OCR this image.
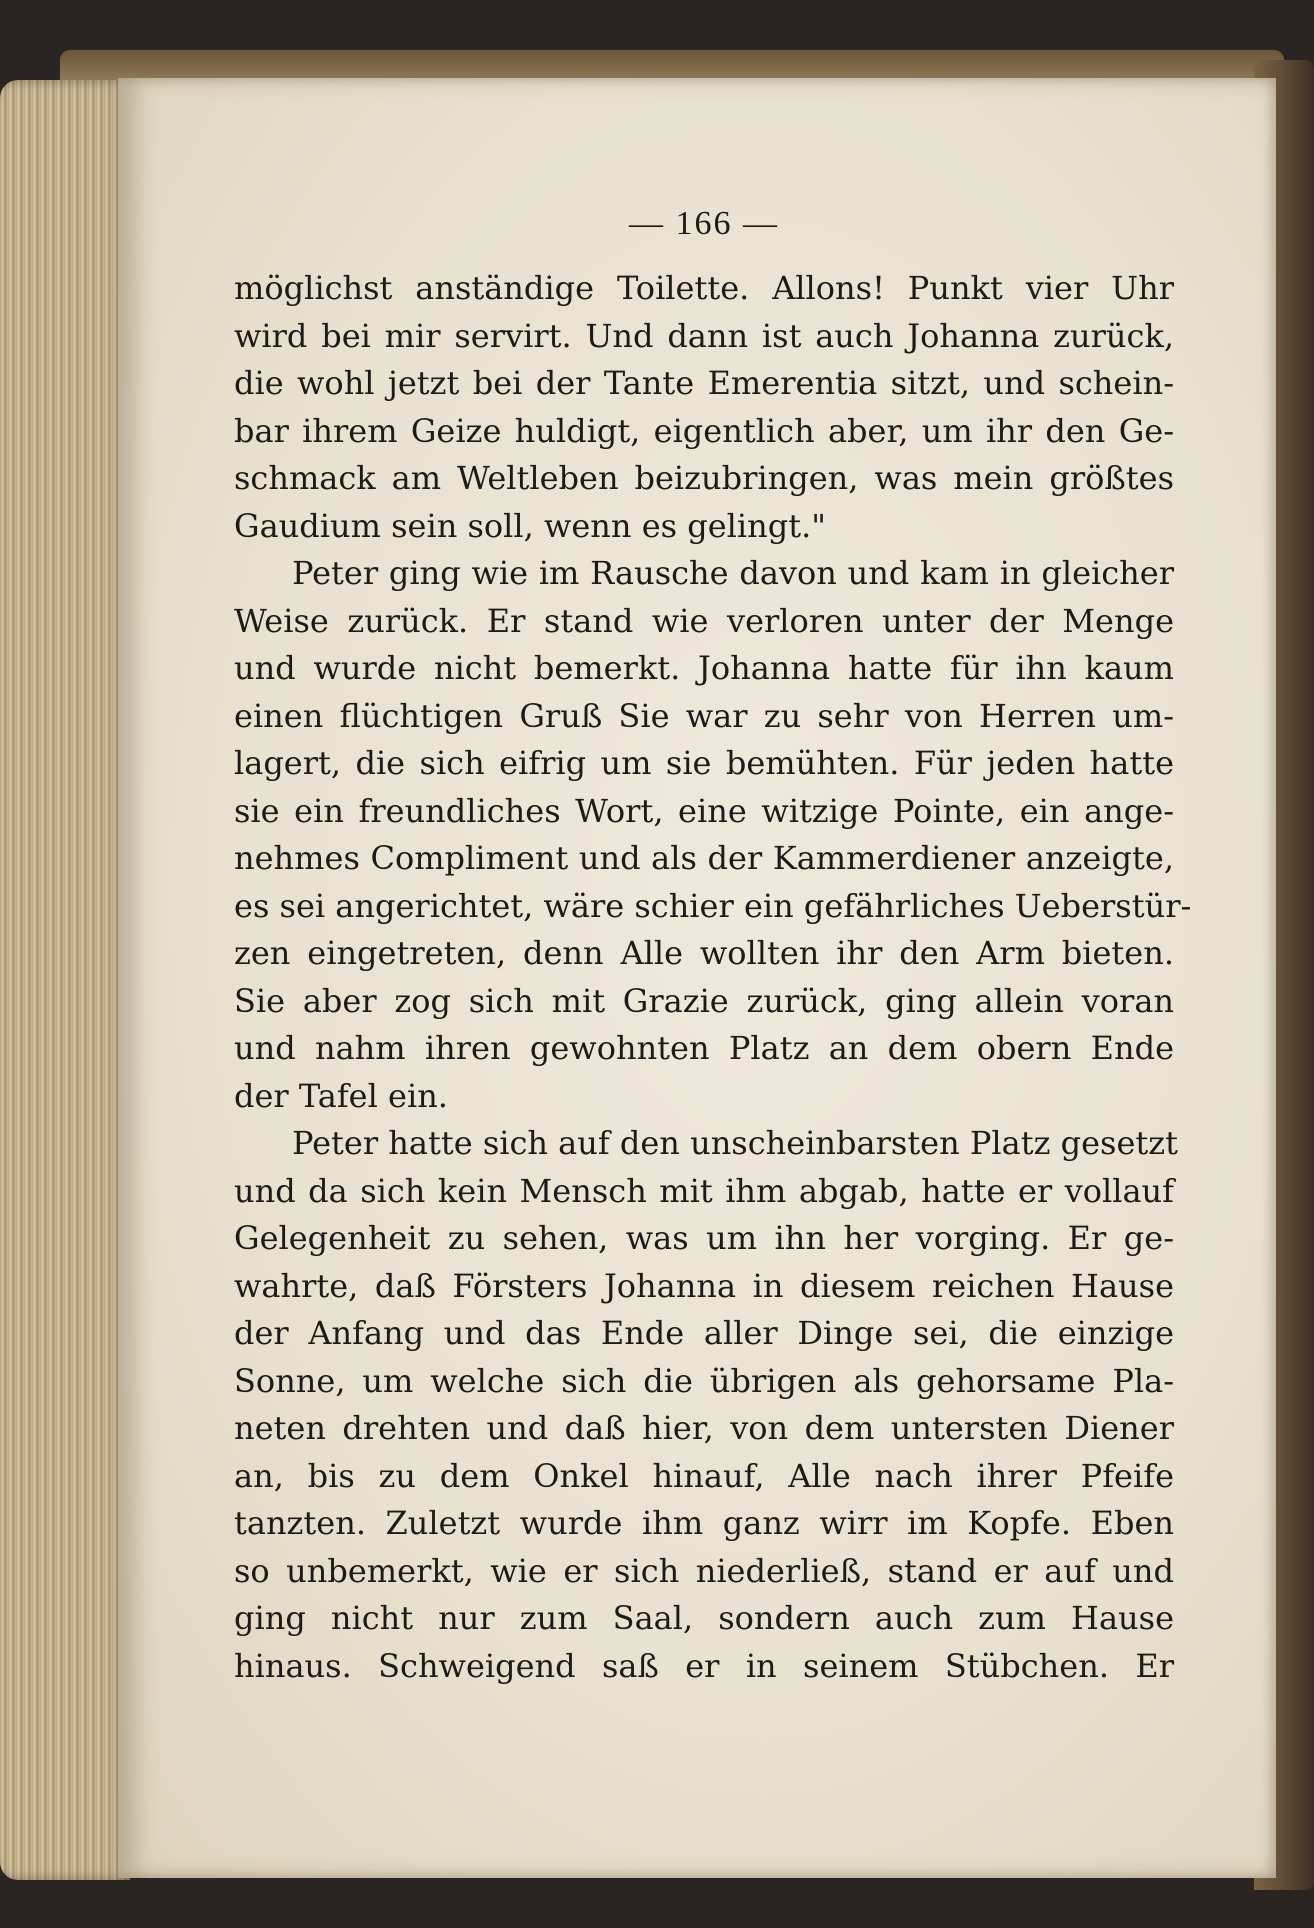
— 166 —
möglichst anständige Toilette. Allons! Punkt vier Uhr
wird bei mir servirt. Und dann ist auch Johanna zurück,
die wohl jetzt bei der Tante Emerentia sitzt, und schein-
bar ihrem Geize huldigt, eigentlich aber, um ihr den Ge-
schmack am Weltleben beizubringen, was mein größtes
Gaudium sein soll, wenn es gelingt."
Peter ging wie im Rausche davon und kam in gleicher
Weise zurück. Er stand wie verloren unter der Menge
und wurde nicht bemerkt. Johanna hatte für ihn kaum
einen flüchtigen Gruß Sie war zu sehr von Herren um-
lagert, die sich eifrig um sie bemühten. Für jeden hatte
sie ein freundliches Wort, eine witzige Pointe, ein ange-
nehmes Compliment und als der Kammerdiener anzeigte,
es sei angerichtet, wäre schier ein gefährliches Ueberstür-
zen eingetreten, denn Alle wollten ihr den Arm bieten.
Sie aber zog sich mit Grazie zurück, ging allein voran
und nahm ihren gewohnten Platz an dem obern Ende
der Tafel ein.
Peter hatte sich auf den unscheinbarsten Platz gesetzt
und da sich kein Mensch mit ihm abgab, hatte er vollauf
Gelegenheit zu sehen, was um ihn her vorging. Er ge-
wahrte, daß Försters Johanna in diesem reichen Hause
der Anfang und das Ende aller Dinge sei, die einzige
Sonne, um welche sich die übrigen als gehorsame Pla-
neten drehten und daß hier, von dem untersten Diener
an, bis zu dem Onkel hinauf, Alle nach ihrer Pfeife
tanzten. Zuletzt wurde ihm ganz wirr im Kopfe. Eben
so unbemerkt, wie er sich niederließ, stand er auf und
ging nicht nur zum Saal, sondern auch zum Hause
hinaus. Schweigend saß er in seinem Stübchen. Er
